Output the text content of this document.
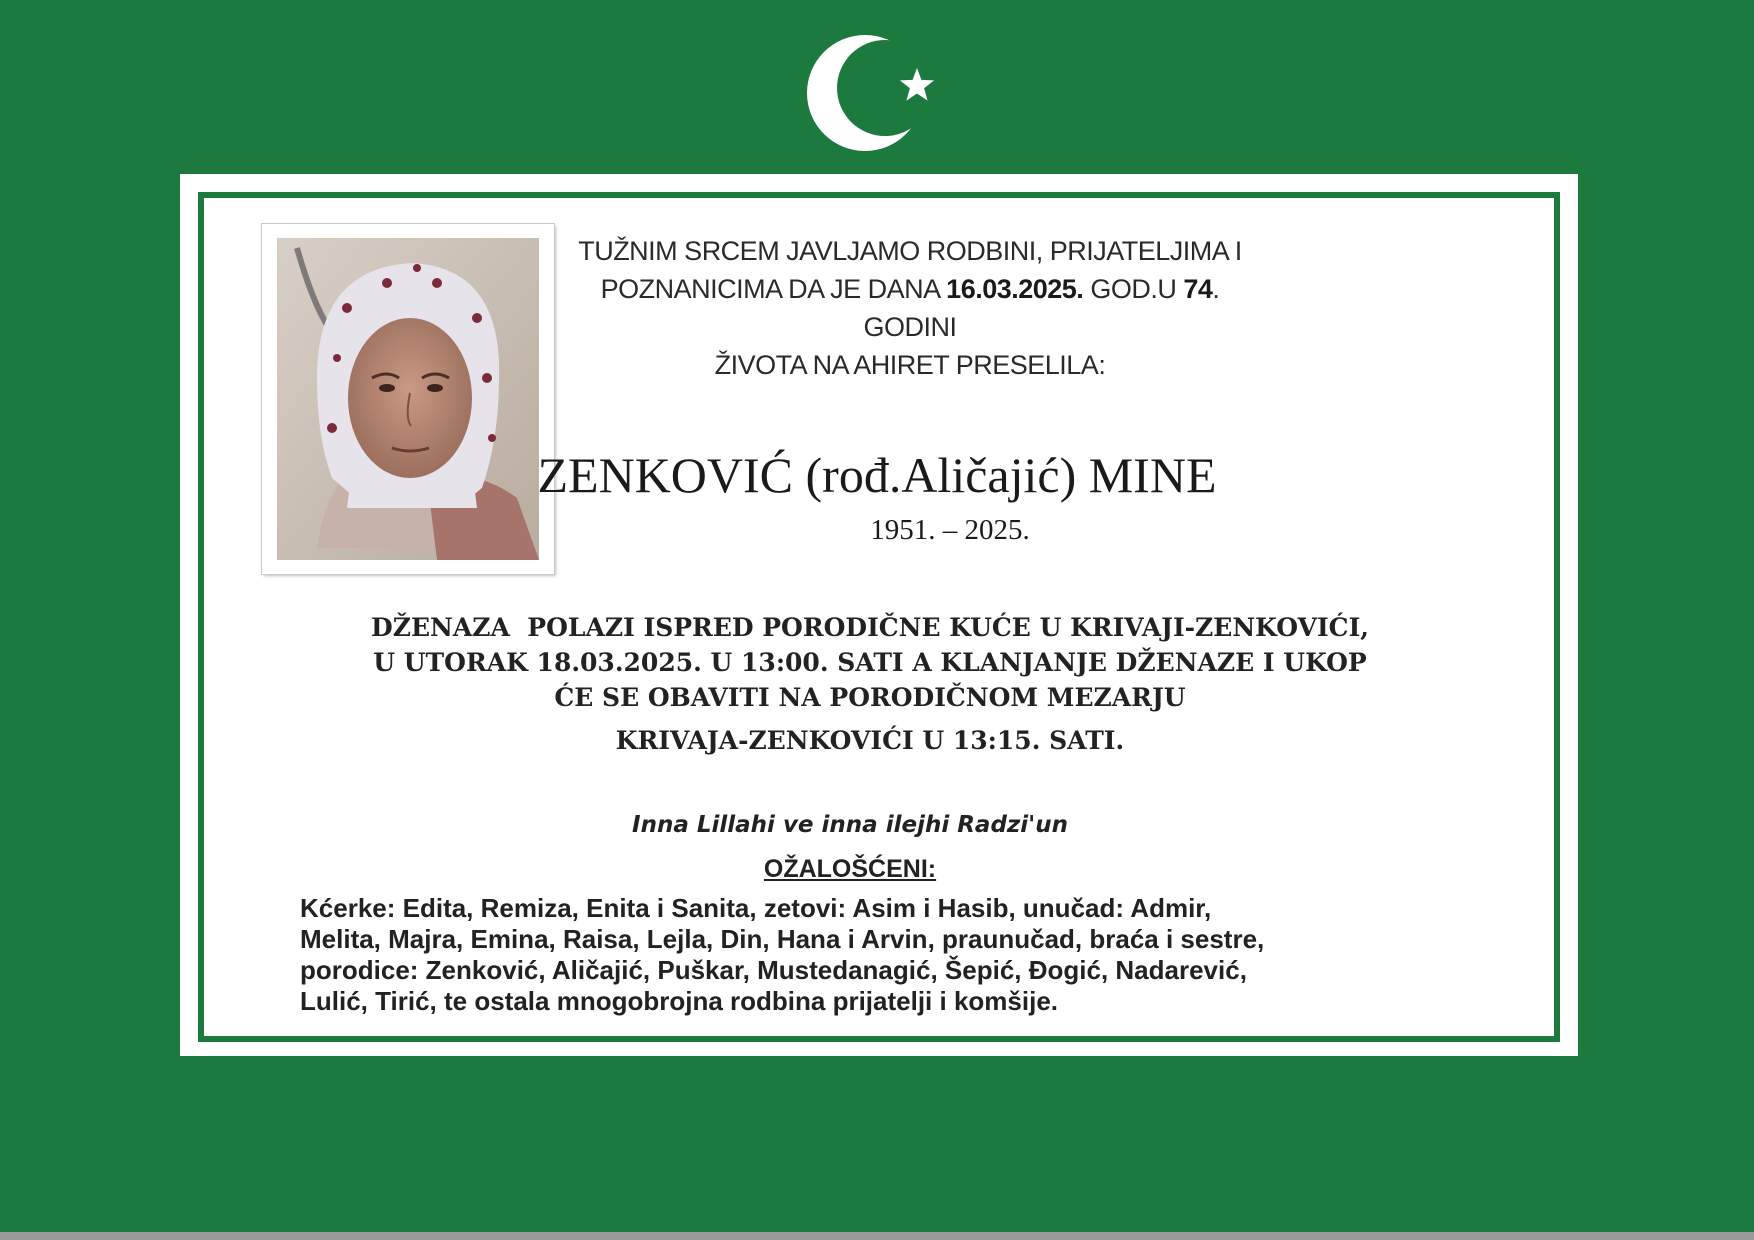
TUŽNIM SRCEM JAVLJAMO RODBINI, PRIJATELJIMA I
POZNANICIMA DA JE DANA 16.03.2025. GOD.U 74. GODINI
ŽIVOTA NA AHIRET PRESELILA:
ZENKOVIĆ (rođ.Aličajić) MINE
1951. – 2025.
DŽENAZA  POLAZI ISPRED PORODIČNE KUĆE U KRIVAJI-ZENKOVIĆI,
U UTORAK 18.03.2025. U 13:00. SATI A KLANJANJE DŽENAZE I UKOP
ĆE SE OBAVITI NA PORODIČNOM MEZARJU
KRIVAJA-ZENKOVIĆI U 13:15. SATI.
Inna Lillahi ve inna ilejhi Radzi'un
OŽALOŠĆENI:
Kćerke: Edita, Remiza, Enita i Sanita, zetovi: Asim i Hasib, unučad: Admir,
Melita, Majra, Emina, Raisa, Lejla, Din, Hana i Arvin, praunučad, braća i sestre,
porodice: Zenković, Aličajić, Puškar, Mustedanagić, Šepić, Đogić, Nadarević,
Lulić, Tirić, te ostala mnogobrojna rodbina prijatelji i komšije.
